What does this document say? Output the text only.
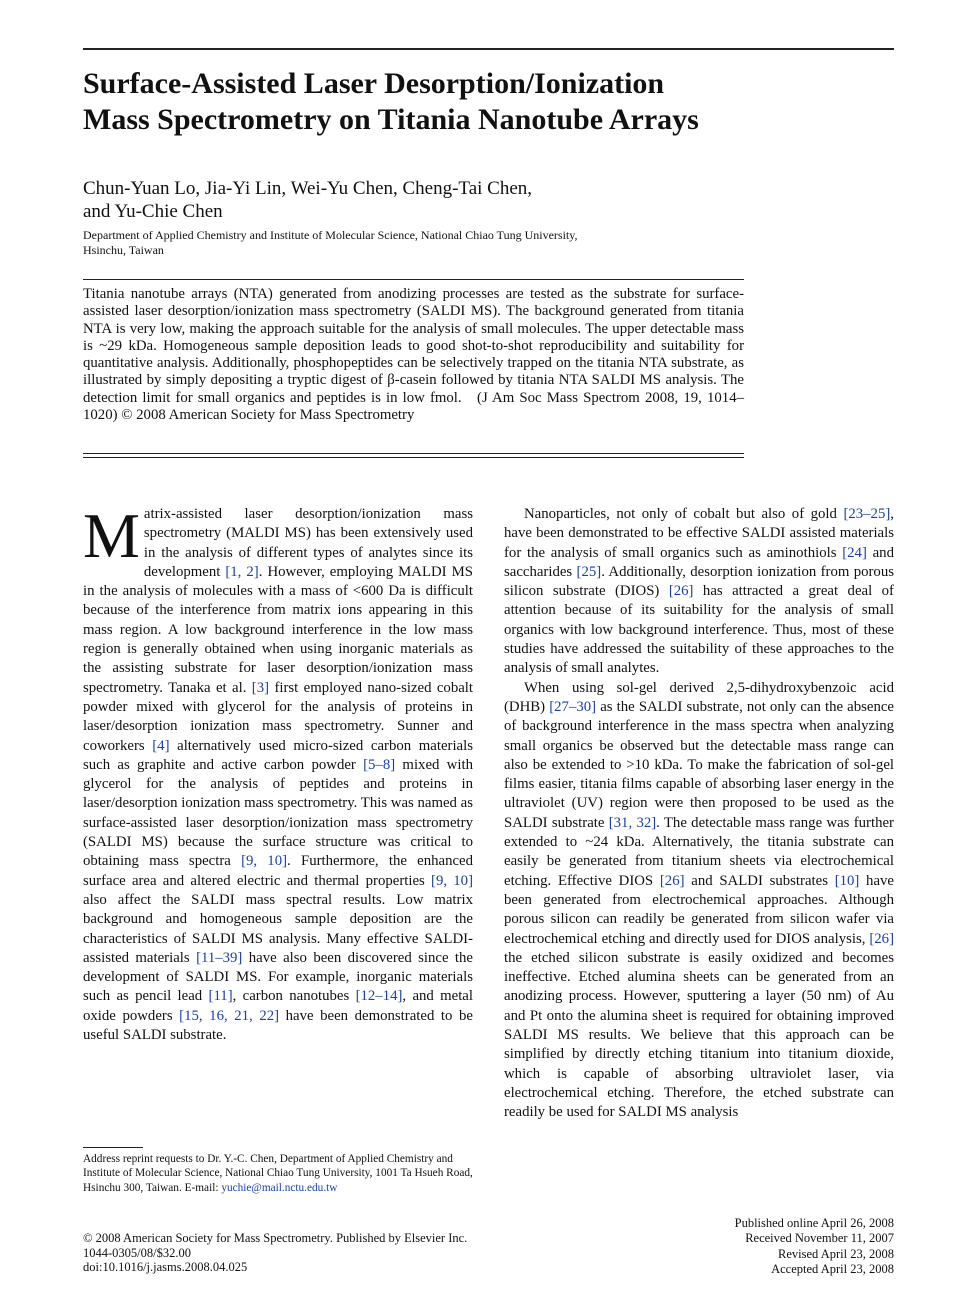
Surface-Assisted Laser Desorption/Ionization
Mass Spectrometry on Titania Nanotube Arrays
Chun-Yuan Lo, Jia-Yi Lin, Wei-Yu Chen, Cheng-Tai Chen,
and Yu-Chie Chen
Department of Applied Chemistry and Institute of Molecular Science, National Chiao Tung University,
Hsinchu, Taiwan
Titania nanotube arrays (NTA) generated from anodizing processes are tested as the substrate for surface-assisted laser desorption/ionization mass spectrometry (SALDI MS). The background generated from titania NTA is very low, making the approach suitable for the analysis of small molecules. The upper detectable mass is ~29 kDa. Homogeneous sample deposition leads to good shot-to-shot reproducibility and suitability for quantitative analysis. Additionally, phosphopeptides can be selectively trapped on the titania NTA substrate, as illustrated by simply depositing a tryptic digest of β-casein followed by titania NTA SALDI MS analysis. The detection limit for small organics and peptides is in low fmol. (J Am Soc Mass Spectrom 2008, 19, 1014–1020) © 2008 American Society for Mass Spectrometry

Matrix-assisted laser desorption/ionization mass spectrometry (MALDI MS) has been extensively used in the analysis of different types of analytes since its development [1, 2]. However, employing MALDI MS in the analysis of molecules with a mass of <600 Da is difficult because of the interference from matrix ions appearing in this mass region. A low background interference in the low mass region is generally obtained when using inorganic materials as the assisting substrate for laser desorption/ionization mass spectrometry. Tanaka et al. [3] first employed nano-sized cobalt powder mixed with glycerol for the analysis of proteins in laser/desorption ionization mass spectrometry. Sunner and coworkers [4] alternatively used micro-sized carbon materials such as graphite and active carbon powder [5–8] mixed with glycerol for the analysis of peptides and proteins in laser/desorption ionization mass spectrometry. This was named as surface-assisted laser desorption/ionization mass spectrometry (SALDI MS) because the surface structure was critical to obtaining mass spectra [9, 10]. Furthermore, the enhanced surface area and altered electric and thermal properties [9, 10] also affect the SALDI mass spectral results. Low matrix background and homogeneous sample deposition are the characteristics of SALDI MS analysis. Many effective SALDI-assisted materials [11–39] have also been discovered since the development of SALDI MS. For example, inorganic materials such as pencil lead [11], carbon nanotubes [12–14], and metal oxide powders [15, 16, 21, 22] have been demonstrated to be useful SALDI substrate.

Nanoparticles, not only of cobalt but also of gold [23–25], have been demonstrated to be effective SALDI assisted materials for the analysis of small organics such as aminothiols [24] and saccharides [25]. Additionally, desorption ionization from porous silicon substrate (DIOS) [26] has attracted a great deal of attention because of its suitability for the analysis of small organics with low background interference. Thus, most of these studies have addressed the suitability of these approaches to the analysis of small analytes.

When using sol-gel derived 2,5-dihydroxybenzoic acid (DHB) [27–30] as the SALDI substrate, not only can the absence of background interference in the mass spectra when analyzing small organics be observed but the detectable mass range can also be extended to >10 kDa. To make the fabrication of sol-gel films easier, titania films capable of absorbing laser energy in the ultraviolet (UV) region were then proposed to be used as the SALDI substrate [31, 32]. The detectable mass range was further extended to ~24 kDa. Alternatively, the titania substrate can easily be generated from titanium sheets via electrochemical etching. Effective DIOS [26] and SALDI substrates [10] have been generated from electrochemical approaches. Although porous silicon can readily be generated from silicon wafer via electrochemical etching and directly used for DIOS analysis, [26] the etched silicon substrate is easily oxidized and becomes ineffective. Etched alumina sheets can be generated from an anodizing process. However, sputtering a layer (50 nm) of Au and Pt onto the alumina sheet is required for obtaining improved SALDI MS results. We believe that this approach can be simplified by directly etching titanium into titanium dioxide, which is capable of absorbing ultraviolet laser, via electrochemical etching. Therefore, the etched substrate can readily be used for SALDI MS analysis

Address reprint requests to Dr. Y.-C. Chen, Department of Applied Chemistry and Institute of Molecular Science, National Chiao Tung University, 1001 Ta Hsueh Road, Hsinchu 300, Taiwan. E-mail: yuchie@mail.nctu.edu.tw
© 2008 American Society for Mass Spectrometry. Published by Elsevier Inc.
1044-0305/08/$32.00
doi:10.1016/j.jasms.2008.04.025
Published online April 26, 2008
Received November 11, 2007
Revised April 23, 2008
Accepted April 23, 2008
